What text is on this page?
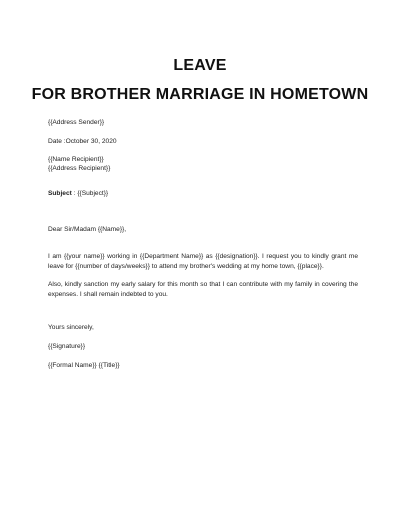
LEAVE
FOR BROTHER MARRIAGE IN HOMETOWN
{{Address Sender}}
Date :October 30, 2020
{{Name Recipient}}
{{Address Recipient}}
Subject : {{Subject}}
Dear Sir/Madam {{Name}},
I am {{your name}} working in {{Department Name}} as {{designation}}. I request you to kindly grant me leave for {{number of days/weeks}} to attend my brother's wedding at my home town, {{place}}.
Also, kindly sanction my early salary for this month so that I can contribute with my family in covering the expenses. I shall remain indebted to you.
Yours sincerely,
{{Signature}}
{{Formal Name}} {{Title}}
